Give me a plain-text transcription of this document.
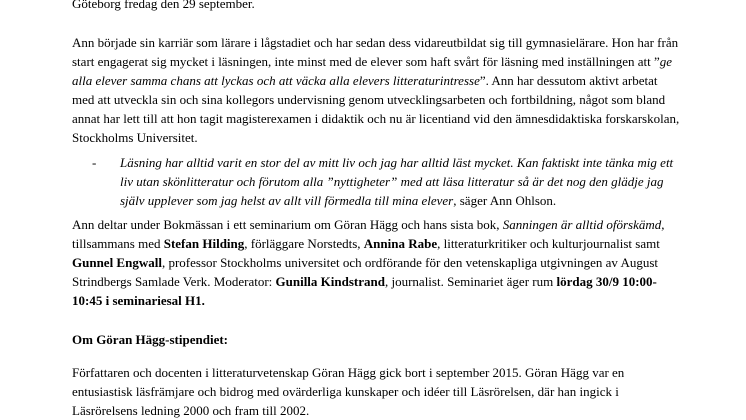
Göteborg fredag den 29 september.

Ann började sin karriär som lärare i lågstadiet och har sedan dess vidareutbildat sig till gymnasielärare. Hon har från start engagerat sig mycket i läsningen, inte minst med de elever som haft svårt för läsning med inställningen att ”ge alla elever samma chans att lyckas och att väcka alla elevers litteraturintresse”. Ann har dessutom aktivt arbetat med att utveckla sin och sina kollegors undervisning genom utvecklingsarbeten och fortbildning, något som bland annat har lett till att hon tagit magisterexamen i didaktik och nu är licentiand vid den ämnesdidaktiska forskarskolan, Stockholms Universitet.

- Läsning har alltid varit en stor del av mitt liv och jag har alltid läst mycket. Kan faktiskt inte tänka mig ett liv utan skönlitteratur och förutom alla ”nyttigheter” med att läsa litteratur så är det nog den glädje jag själv upplever som jag helst av allt vill förmedla till mina elever, säger Ann Ohlson.

Ann deltar under Bokmässan i ett seminarium om Göran Hägg och hans sista bok, Sanningen är alltid oförskämd, tillsammans med Stefan Hilding, förläggare Norstedts, Annina Rabe, litteraturkritiker och kulturjournalist samt Gunnel Engwall, professor Stockholms universitet och ordförande för den vetenskapliga utgivningen av August Strindbergs Samlade Verk. Moderator: Gunilla Kindstrand, journalist. Seminariet äger rum lördag 30/9 10:00-10:45 i seminariesal H1.

Om Göran Hägg-stipendiet:

Författaren och docenten i litteraturvetenskap Göran Hägg gick bort i september 2015. Göran Hägg var en entusiastisk läsfrämjare och bidrog med ovärderliga kunskaper och idéer till Läsrörelsen, där han ingick i Läsrörelsens ledning 2000 och fram till 2002.
